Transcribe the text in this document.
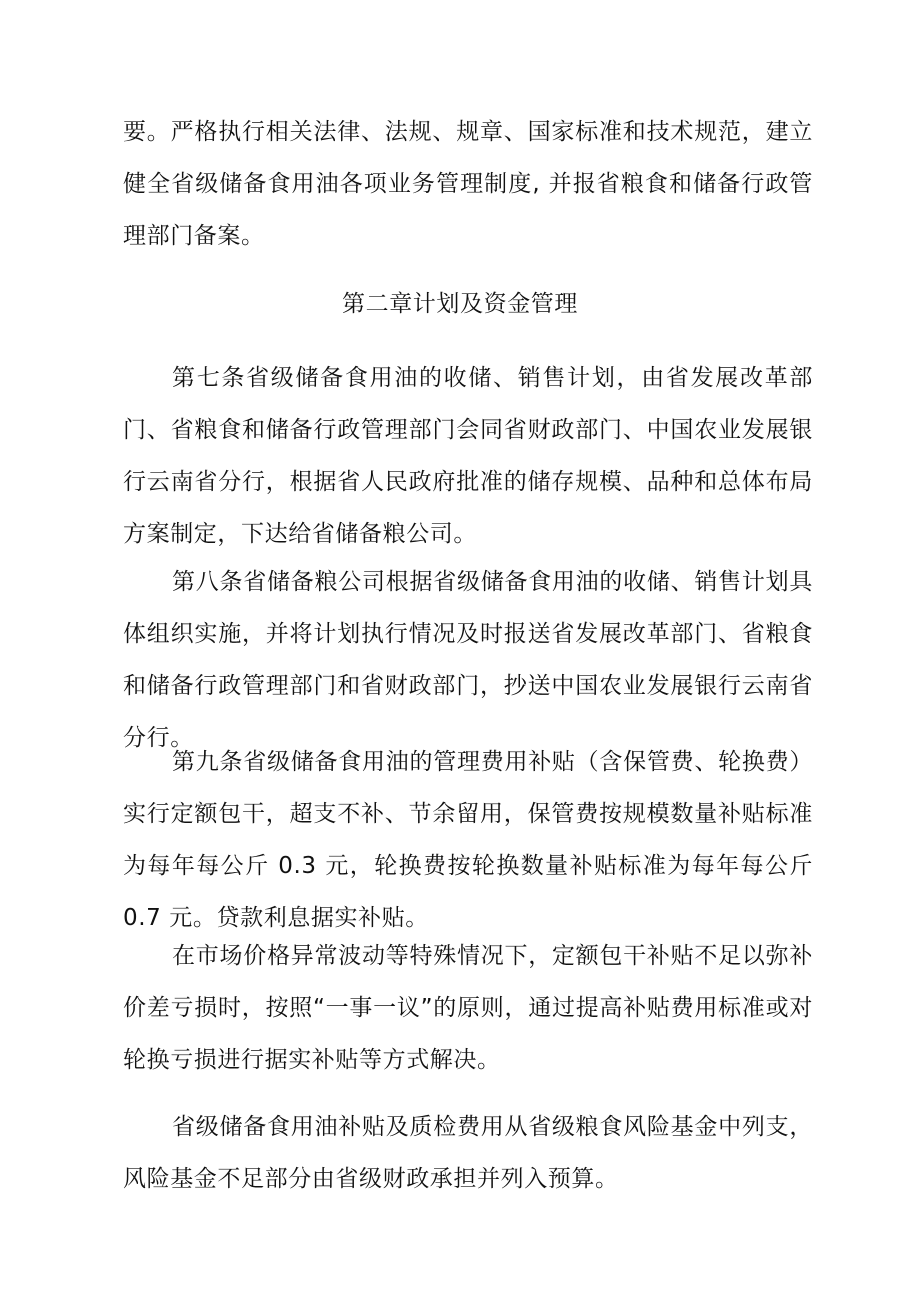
要。严格执行相关法律、法规、规章、国家标准和技术规范，建立健全省级储备食用油各项业务管理制度, 并报省粮食和储备行政管理部门备案。

第二章计划及资金管理

第七条省级储备食用油的收储、销售计划，由省发展改革部门、省粮食和储备行政管理部门会同省财政部门、中国农业发展银行云南省分行，根据省人民政府批准的储存规模、品种和总体布局方案制定，下达给省储备粮公司。

第八条省储备粮公司根据省级储备食用油的收储、销售计划具体组织实施，并将计划执行情况及时报送省发展改革部门、省粮食和储备行政管理部门和省财政部门，抄送中国农业发展银行云南省分行。

第九条省级储备食用油的管理费用补贴（含保管费、轮换费）实行定额包干，超支不补、节余留用，保管费按规模数量补贴标准为每年每公斤 0.3 元，轮换费按轮换数量补贴标准为每年每公斤 0.7 元。贷款利息据实补贴。

在市场价格异常波动等特殊情况下，定额包干补贴不足以弥补价差亏损时，按照“一事一议”的原则，通过提高补贴费用标准或对轮换亏损进行据实补贴等方式解决。

省级储备食用油补贴及质检费用从省级粮食风险基金中列支，风险基金不足部分由省级财政承担并列入预算。
